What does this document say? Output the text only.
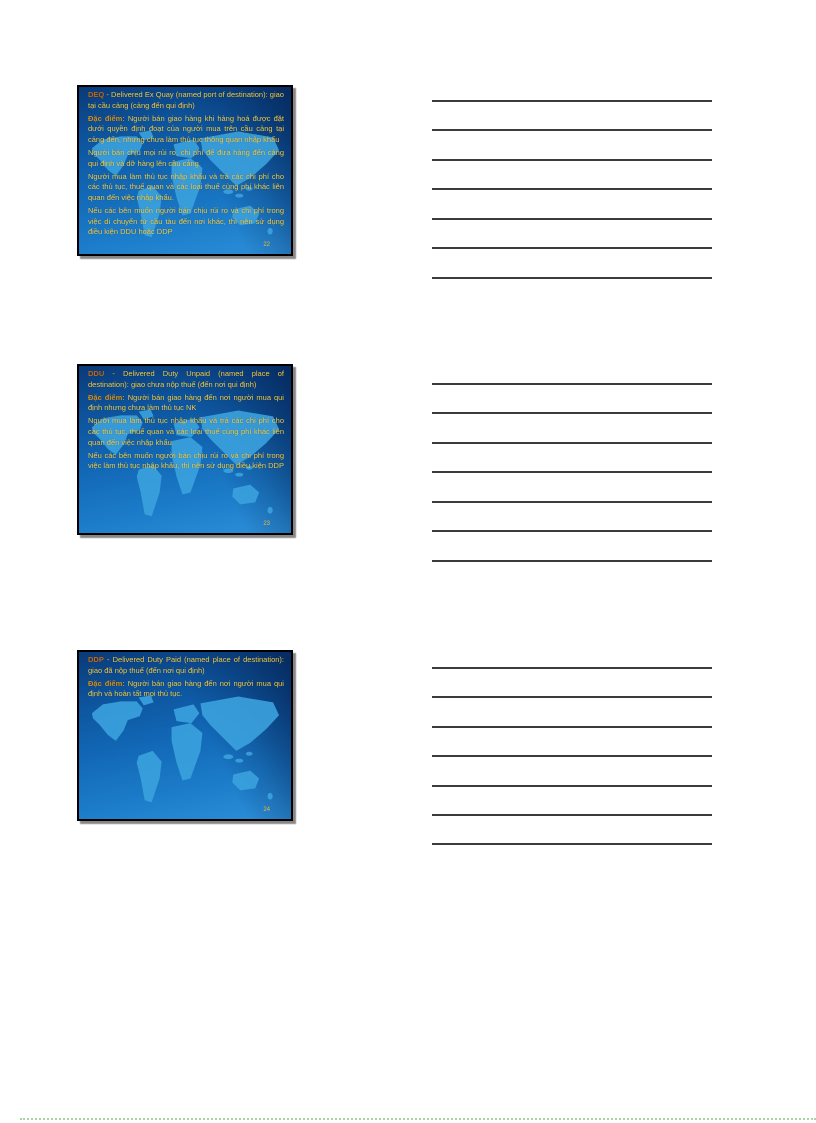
DEQ - Delivered Ex Quay (named port of destination): giao tại cầu cảng (cảng đến qui định)

Đặc điểm: Người bán giao hàng khi hàng hoá được đặt dưới quyền định đoạt của người mua trên cầu cảng tại cảng đến, nhưng chưa làm thủ tục thông quan nhập khẩu

Người bán chịu mọi rủi ro, chi phí để đưa hàng đến cảng qui định và dỡ hàng lên cầu cảng.

Người mua làm thủ tục nhập khẩu và trả các chi phí cho các thủ tục, thuế quan và các loại thuế cùng phí khác liên quan đến việc nhập khẩu.

Nếu các bên muốn người bán chịu rủi ro và chi phí trong việc di chuyển từ cầu tàu đến nơi khác, thì nên sử dụng điều kiện DDU hoặc DDP

22

DDU - Delivered Duty Unpaid (named place of destination): giao chưa nộp thuế (đến nơi qui định)

Đặc điểm: Người bán giao hàng đến nơi người mua qui định nhưng chưa làm thủ tục NK

Người mua làm thủ tục nhập khẩu và trả các chi phí cho các thủ tục, thuế quan và các loại thuế cùng phí khác liên quan đến việc nhập khẩu.

Nếu các bên muốn người bán chịu rủi ro và chi phí trong việc làm thủ tục nhập khẩu, thì nên sử dụng điều kiện DDP

23

DDP - Delivered Duty Paid (named place of destination): giao đã nộp thuế (đến nơi qui định)

Đặc điểm: Người bán giao hàng đến nơi người mua qui định và hoàn tất mọi thủ tục.

24
